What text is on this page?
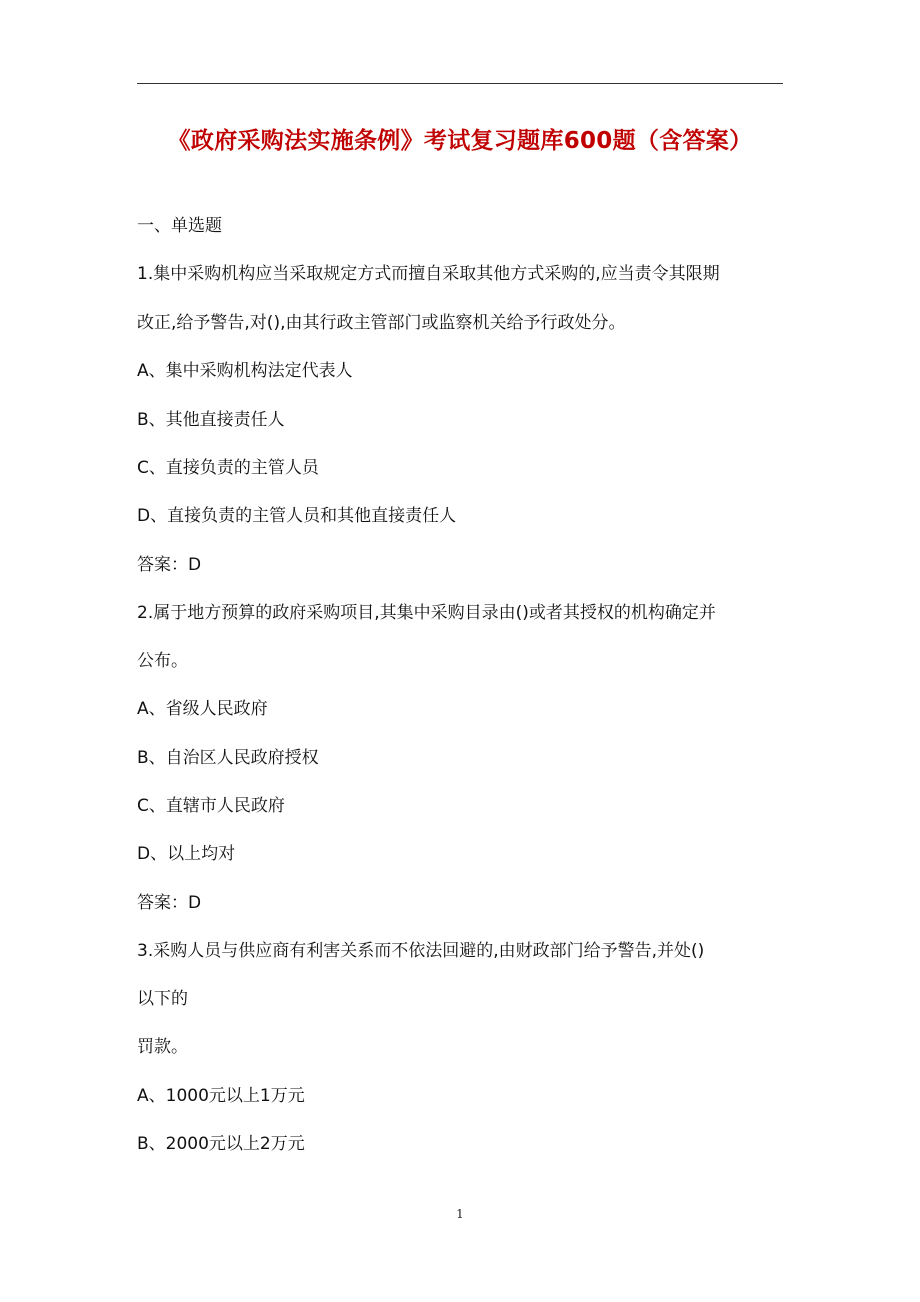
《政府采购法实施条例》考试复习题库600题（含答案）
一、单选题
1.集中采购机构应当采取规定方式而擅自采取其他方式采购的,应当责令其限期
改正,给予警告,对(),由其行政主管部门或监察机关给予行政处分。
A、集中采购机构法定代表人
B、其他直接责任人
C、直接负责的主管人员
D、直接负责的主管人员和其他直接责任人
答案：D
2.属于地方预算的政府采购项目,其集中采购目录由()或者其授权的机构确定并
公布。
A、省级人民政府
B、自治区人民政府授权
C、直辖市人民政府
D、以上均对
答案：D
3.采购人员与供应商有利害关系而不依法回避的,由财政部门给予警告,并处()
以下的
罚款。
A、1000元以上1万元
B、2000元以上2万元
1
